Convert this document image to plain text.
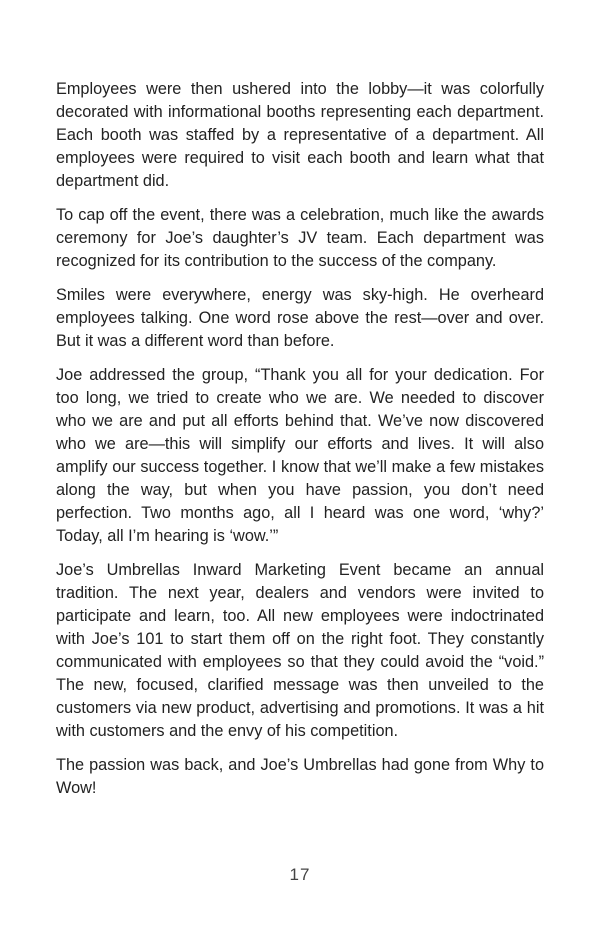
Employees were then ushered into the lobby—it was colorfully decorated with informational booths representing each department. Each booth was staffed by a representative of a department. All employees were required to visit each booth and learn what that department did.

To cap off the event, there was a celebration, much like the awards ceremony for Joe’s daughter’s JV team. Each department was recognized for its contribution to the success of the company.

Smiles were everywhere, energy was sky-high. He overheard employees talking. One word rose above the rest—over and over. But it was a different word than before.

Joe addressed the group, “Thank you all for your dedication. For too long, we tried to create who we are. We needed to discover who we are and put all efforts behind that. We’ve now discovered who we are—this will simplify our efforts and lives. It will also amplify our success together. I know that we’ll make a few mistakes along the way, but when you have passion, you don’t need perfection. Two months ago, all I heard was one word, ‘why?’ Today, all I’m hearing is ‘wow.’”

Joe’s Umbrellas Inward Marketing Event became an annual tradition. The next year, dealers and vendors were invited to participate and learn, too. All new employees were indoctrinated with Joe’s 101 to start them off on the right foot. They constantly communicated with employees so that they could avoid the “void.” The new, focused, clarified message was then unveiled to the customers via new product, advertising and promotions. It was a hit with customers and the envy of his competition.

The passion was back, and Joe’s Umbrellas had gone from Why to Wow!

17
